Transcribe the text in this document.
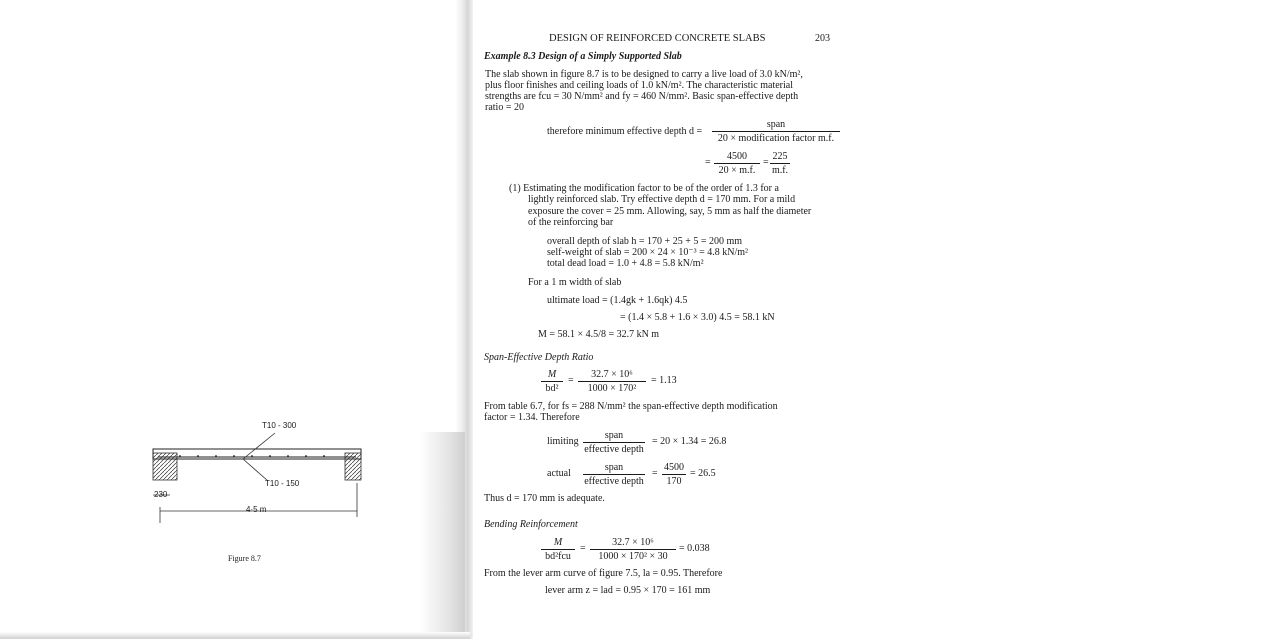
DESIGN OF REINFORCED CONCRETE SLABS	203
Example 8.3 Design of a Simply Supported Slab
The slab shown in figure 8.7 is to be designed to carry a live load of 3.0 kN/m²,
plus floor finishes and ceiling loads of 1.0 kN/m². The characteristic material
strengths are fcu = 30 N/mm² and fy = 460 N/mm². Basic span-effective depth
ratio = 20
therefore minimum effective depth d =
span
20 × modification factor m.f.
= $\frac{4500}{20 \times m.f.} = \frac{225}{m.f.}$
(1) Estimating the modification factor to be of the order of 1.3 for a
lightly reinforced slab. Try effective depth d = 170 mm. For a mild
exposure the cover = 25 mm. Allowing, say, 5 mm as half the diameter
of the reinforcing bar
overall depth of slab h = 170 + 25 + 5 = 200 mm
self-weight of slab = 200 × 24 × 10⁻³ = 4.8 kN/m²
total dead load = 1.0 + 4.8 = 5.8 kN/m²
For a 1 m width of slab
ultimate load = (1.4gk + 1.6qk) 4.5
= (1.4 × 5.8 + 1.6 × 3.0) 4.5 = 58.1 kN
M = 58.1 × 4.5/8 = 32.7 kN m
Span-Effective Depth Ratio
$\frac{M}{\text{bd²}} = \frac{\text{32.7 × 10⁶}}{\text{1000 × 170²}} = 1.13$
From table 6.7, for fs = 288 N/mm² the span-effective depth modification
factor = 1.34. Therefore
limiting
span
effective depth
= 20 × 1.34 = 26.8
actual
span
effective depth
= $\frac{4500}{170} = 26.5$
Thus d = 170 mm is adequate.
Bending Reinforcement
M
bd²fcu
= $\frac{\text{32.7 × 10⁶}}{\text{1000 × 170² × 30}} = 0.038$
From the lever arm curve of figure 7.5, la = 0.95. Therefore
lever arm z = lad = 0.95 × 170 = 161 mm
T10 - 300
T10 - 150
230
4·5 m
Figure 8.7
